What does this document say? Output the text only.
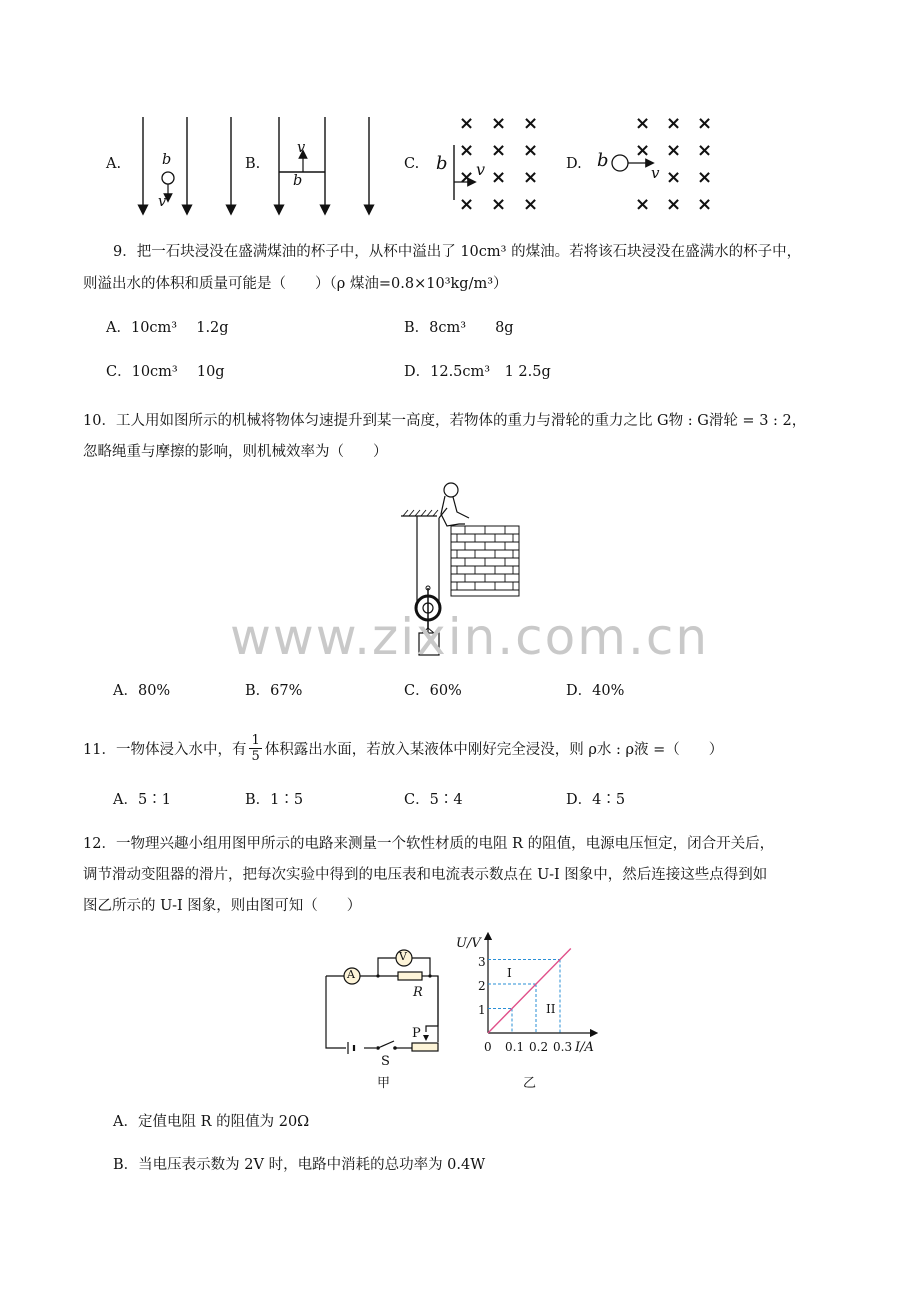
A.	b
v
B.
v
b
C. b v	D. b
v
× × ×
× × ×
× × ×
× × ×
× × ×
× × ×
× ×
× × ×
9．把一石块浸没在盛满煤油的杯子中，从杯中溢出了 10cm³ 的煤油。若将该石块浸没在盛满水的杯子中，
则溢出水的体积和质量可能是（　　）（ρ 煤油=0.8×10³kg/m³）
A．10cm³　 1.2g	B．8cm³　　8g
C．10cm³　 10g	D．12.5cm³　1 2.5g
10．工人用如图所示的机械将物体匀速提升到某一高度，若物体的重力与滑轮的重力之比 G物 : G滑轮 = 3 : 2，
忽略绳重与摩擦的影响，则机械效率为（　　）
www.zixin.com.cn
A．80%	B．67%	C．60%	D．40%
11．一物体浸入水中，有 $\frac{1}{5}$ 体积露出水面，若放入某液体中刚好完全浸没，则 ρ水 : ρ液 =（　　）
A．5∶1	B．1∶5	C．5∶4	D．4∶5
12．一物理兴趣小组用图甲所示的电路来测量一个软性材质的电阻 R 的阻值，电源电压恒定，闭合开关后，
调节滑动变阻器的滑片，把每次实验中得到的电压表和电流表示数点在 U-I 图象中，然后连接这些点得到如
图乙所示的 U-I 图象，则由图可知（　　）
A
V
R
P
S
甲
U/V
I/A
0
1
2
3
0.1 0.2 0.3
I
II
乙
A．定值电阻 R 的阻值为 20Ω
B．当电压表示数为 2V 时，电路中消耗的总功率为 0.4W
